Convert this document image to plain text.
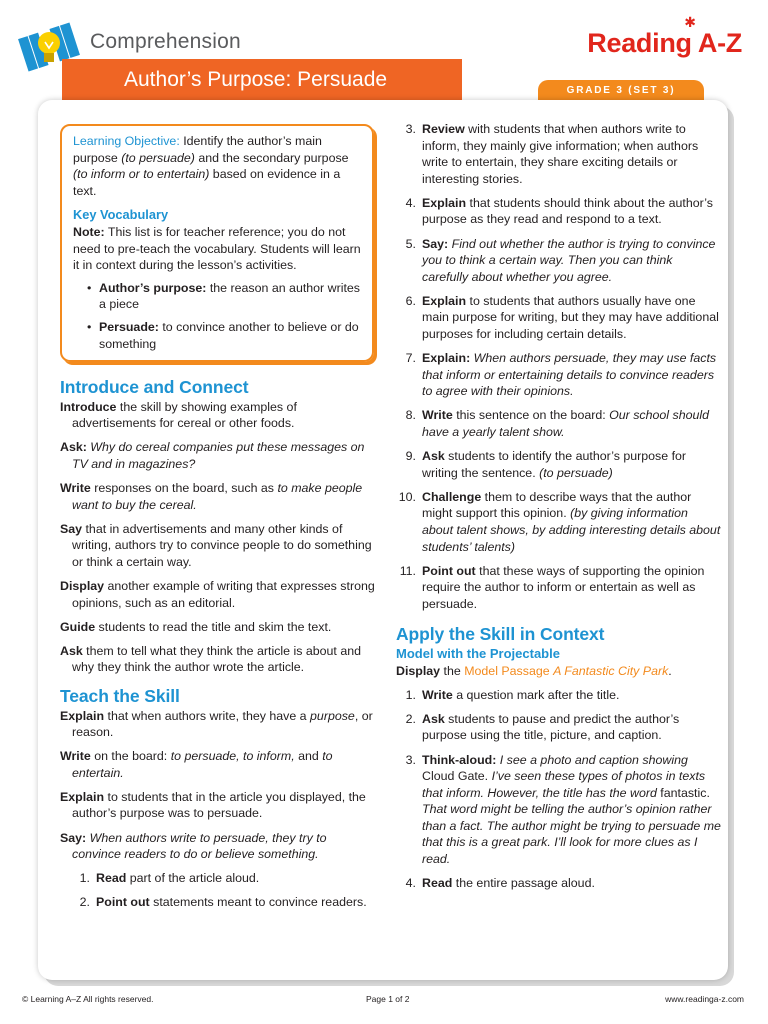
Comprehension
✱
Reading A-Z
Author’s Purpose: Persuade	GRADE 3 (SET 3)

Learning Objective: Identify the author’s main purpose (to persuade) and the secondary purpose (to inform or to entertain) based on evidence in a text.

Key Vocabulary

Note: This list is for teacher reference; you do not need to pre-teach the vocabulary. Students will learn it in context during the lesson’s activities.

• Author’s purpose: the reason an author writes a piece
• Persuade: to convince another to believe or do something
Introduce and Connect
Introduce the skill by showing examples of advertisements for cereal or other foods.
Ask: Why do cereal companies put these messages on TV and in magazines?
Write responses on the board, such as to make people want to buy the cereal.
Say that in advertisements and many other kinds of writing, authors try to convince people to do something or think a certain way.
Display another example of writing that expresses strong opinions, such as an editorial.
Guide students to read the title and skim the text.
Ask them to tell what they think the article is about and why they think the author wrote the article.
Teach the Skill
Explain that when authors write, they have a purpose, or reason.
Write on the board: to persuade, to inform, and to entertain.
Explain to students that in the article you displayed, the author’s purpose was to persuade.
Say: When authors write to persuade, they try to convince readers to do or believe something.
1. Read part of the article aloud.
2. Point out statements meant to convince readers.
3. Review with students that when authors write to inform, they mainly give information; when authors write to entertain, they share exciting details or interesting stories.
4. Explain that students should think about the author’s purpose as they read and respond to a text.
5. Say: Find out whether the author is trying to convince you to think a certain way. Then you can think carefully about whether you agree.
6. Explain to students that authors usually have one main purpose for writing, but they may have additional purposes for including certain details.
7. Explain: When authors persuade, they may use facts that inform or entertaining details to convince readers to agree with their opinions.
8. Write this sentence on the board: Our school should have a yearly talent show.
9. Ask students to identify the author’s purpose for writing the sentence. (to persuade)
10. Challenge them to describe ways that the author might support this opinion. (by giving information about talent shows, by adding interesting details about students’ talents)
11. Point out that these ways of supporting the opinion require the author to inform or entertain as well as persuade.
Apply the Skill in Context
Model with the Projectable
Display the Model Passage A Fantastic City Park.
1. Write a question mark after the title.
2. Ask students to pause and predict the author’s purpose using the title, picture, and caption.
3. Think-aloud: I see a photo and caption showing Cloud Gate. I’ve seen these types of photos in texts that inform. However, the title has the word fantastic. That word might be telling the author’s opinion rather than a fact. The author might be trying to persuade me that this is a great park. I’ll look for more clues as I read.
4. Read the entire passage aloud.
© Learning A–Z All rights reserved.	Page 1 of 2	www.readinga-z.com
